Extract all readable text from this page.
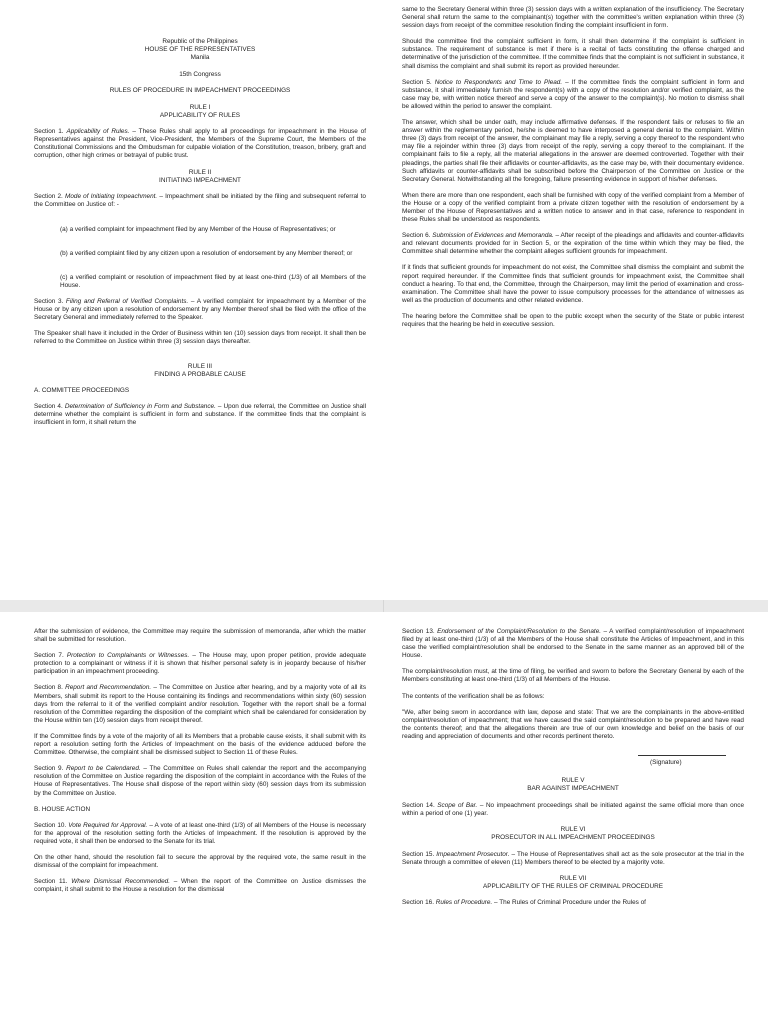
Republic of the Philippines

HOUSE OF THE REPRESENTATIVES

Manila

15th Congress

RULES OF PROCEDURE IN IMPEACHMENT PROCEEDINGS

RULE I

APPLICABILITY OF RULES

Section 1. Applicability of Rules. – These Rules shall apply to all proceedings for impeachment in the House of Representatives against the President, Vice-President, the Members of the Supreme Court, the Members of the Constitutional Commissions and the Ombudsman for culpable violation of the Constitution, treason, bribery, graft and corruption, other high crimes or betrayal of public trust.

RULE II

INITIATING IMPEACHMENT

Section 2. Mode of Initiating Impeachment. – Impeachment shall be initiated by the filing and subsequent referral to the Committee on Justice of: -

(a) a verified complaint for impeachment filed by any Member of the House of Representatives; or

(b) a verified complaint filed by any citizen upon a resolution of endorsement by any Member thereof; or

(c) a verified complaint or resolution of impeachment filed by at least one-third (1/3) of all Members of the House.

Section 3. Filing and Referral of Verified Complaints. – A verified complaint for impeachment by a Member of the House or by any citizen upon a resolution of endorsement by any Member thereof shall be filed with the office of the Secretary General and immediately referred to the Speaker.

The Speaker shall have it included in the Order of Business within ten (10) session days from receipt. It shall then be referred to the Committee on Justice within three (3) session days thereafter.

RULE III

FINDING A PROBABLE CAUSE

A. COMMITTEE PROCEEDINGS

Section 4. Determination of Sufficiency in Form and Substance. – Upon due referral, the Committee on Justice shall determine whether the complaint is sufficient in form and substance. If the committee finds that the complaint is insufficient in form, it shall return the

same to the Secretary General within three (3) session days with a written explanation of the insufficiency. The Secretary General shall return the same to the complainant(s) together with the committee's written explanation within three (3) session days from receipt of the committee resolution finding the complaint insufficient in form.

Should the committee find the complaint sufficient in form, it shall then determine if the complaint is sufficient in substance. The requirement of substance is met if there is a recital of facts constituting the offense charged and determinative of the jurisdiction of the committee. If the committee finds that the complaint is not sufficient in substance, it shall dismiss the complaint and shall submit its report as provided hereunder.

Section 5. Notice to Respondents and Time to Plead. – If the committee finds the complaint sufficient in form and substance, it shall immediately furnish the respondent(s) with a copy of the resolution and/or verified complaint, as the case may be, with written notice thereof and serve a copy of the answer to the complaint(s). No motion to dismiss shall be allowed within the period to answer the complaint.

The answer, which shall be under oath, may include affirmative defenses. If the respondent fails or refuses to file an answer within the reglementary period, he/she is deemed to have interposed a general denial to the complaint. Within three (3) days from receipt of the answer, the complainant may file a reply, serving a copy thereof to the respondent who may file a rejoinder within three (3) days from receipt of the reply, serving a copy thereof to the complainant. If the complainant fails to file a reply, all the material allegations in the answer are deemed controverted. Together with their pleadings, the parties shall file their affidavits or counter-affidavits, as the case may be, with their documentary evidence. Such affidavits or counter-affidavits shall be subscribed before the Chairperson of the Committee on Justice or the Secretary General. Notwithstanding all the foregoing, failure presenting evidence in support of his/her defenses.

When there are more than one respondent, each shall be furnished with copy of the verified complaint from a Member of the House or a copy of the verified complaint from a private citizen together with the resolution of endorsement by a Member of the House of Representatives and a written notice to answer and in that case, reference to respondent in these Rules shall be understood as respondents.

Section 6. Submission of Evidences and Memoranda. – After receipt of the pleadings and affidavits and counter-affidavits and relevant documents provided for in Section 5, or the expiration of the time within which they may be filed, the Committee shall determine whether the complaint alleges sufficient grounds for impeachment.

If it finds that sufficient grounds for impeachment do not exist, the Committee shall dismiss the complaint and submit the report required hereunder. If the Committee finds that sufficient grounds for impeachment exist, the Committee shall conduct a hearing. To that end, the Committee, through the Chairperson, may limit the period of examination and cross-examination. The Committee shall have the power to issue compulsory processes for the attendance of witnesses as well as the production of documents and other related evidence.

The hearing before the Committee shall be open to the public except when the security of the State or public interest requires that the hearing be held in executive session.

After the submission of evidence, the Committee may require the submission of memoranda, after which the matter shall be submitted for resolution.

Section 7. Protection to Complainants or Witnesses. – The House may, upon proper petition, provide adequate protection to a complainant or witness if it is shown that his/her personal safety is in jeopardy because of his/her participation in an impeachment proceeding.

Section 8. Report and Recommendation. – The Committee on Justice after hearing, and by a majority vote of all its Members, shall submit its report to the House containing its findings and recommendations within sixty (60) session days from the referral to it of the verified complaint and/or resolution. Together with the report shall be a formal resolution of the Committee regarding the disposition of the complaint which shall be calendared for consideration by the House within ten (10) session days from receipt thereof.

If the Committee finds by a vote of the majority of all its Members that a probable cause exists, it shall submit with its report a resolution setting forth the Articles of Impeachment on the basis of the evidence adduced before the Committee. Otherwise, the complaint shall be dismissed subject to Section 11 of these Rules.

Section 9. Report to be Calendared. – The Committee on Rules shall calendar the report and the accompanying resolution of the Committee on Justice regarding the disposition of the complaint in accordance with the Rules of the House of Representatives. The House shall dispose of the report within sixty (60) session days from its submission by the Committee on Justice.

B. HOUSE ACTION

Section 10. Vote Required for Approval. – A vote of at least one-third (1/3) of all Members of the House is necessary for the approval of the resolution setting forth the Articles of Impeachment. If the resolution is approved by the required vote, it shall then be endorsed to the Senate for its trial.

On the other hand, should the resolution fail to secure the approval by the required vote, the same result in the dismissal of the complaint for impeachment.

Section 11. Where Dismissal Recommended. – When the report of the Committee on Justice dismisses the complaint, it shall submit to the House a resolution for the dismissal

Section 13. Endorsement of the Complaint/Resolution to the Senate. – A verified complaint/resolution of impeachment filed by at least one-third (1/3) of all the Members of the House shall constitute the Articles of Impeachment, and in this case the verified complaint/resolution shall be endorsed to the Senate in the same manner as an approved bill of the House.

The complaint/resolution must, at the time of filing, be verified and sworn to before the Secretary General by each of the Members constituting at least one-third (1/3) of all Members of the House.

The contents of the verification shall be as follows:

"We, after being sworn in accordance with law, depose and state: That we are the complainants in the above-entitled complaint/resolution of impeachment; that we have caused the said complaint/resolution to be prepared and have read the contents thereof; and that the allegations therein are true of our own knowledge and belief on the basis of our reading and appreciation of documents and other records pertinent thereto.

(Signature)

RULE V

BAR AGAINST IMPEACHMENT

Section 14. Scope of Bar. – No impeachment proceedings shall be initiated against the same official more than once within a period of one (1) year.

RULE VI

PROSECUTOR IN ALL IMPEACHMENT PROCEEDINGS

Section 15. Impeachment Prosecutor. – The House of Representatives shall act as the sole prosecutor at the trial in the Senate through a committee of eleven (11) Members thereof to be elected by a majority vote.

RULE VII

APPLICABILITY OF THE RULES OF CRIMINAL PROCEDURE

Section 16. Rules of Procedure. – The Rules of Criminal Procedure under the Rules of
